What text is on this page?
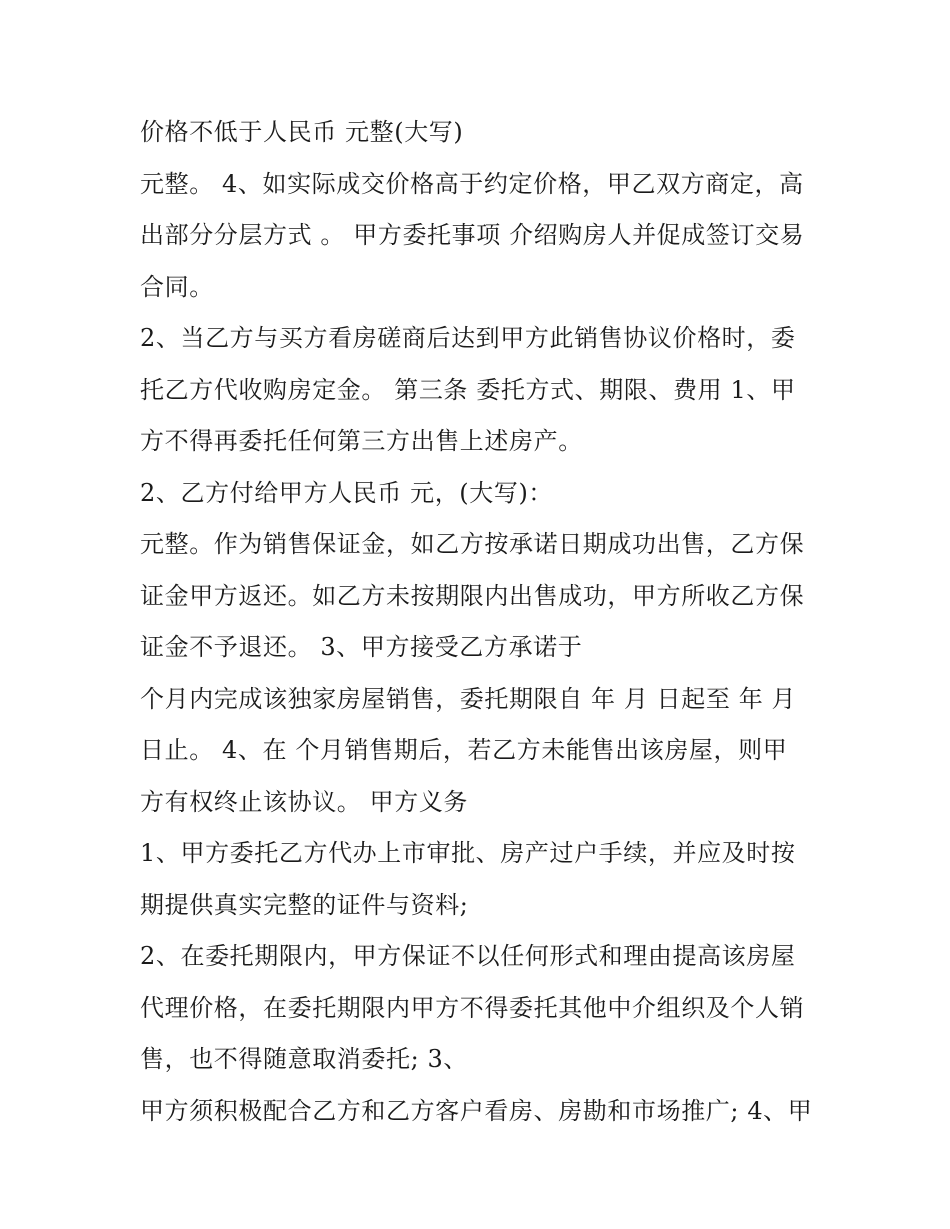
价格不低于人民币 元整(大写)
元整。 4、如实际成交价格高于约定价格，甲乙双方商定，高
出部分分层方式 。 甲方委托事项 介绍购房人并促成签订交易
合同。
2、当乙方与买方看房磋商后达到甲方此销售协议价格时，委
托乙方代收购房定金。 第三条 委托方式、期限、费用 1、甲
方不得再委托任何第三方出售上述房产。
2、乙方付给甲方人民币 元，(大写)：
元整。作为销售保证金，如乙方按承诺日期成功出售，乙方保
证金甲方返还。如乙方未按期限内出售成功，甲方所收乙方保
证金不予退还。 3、甲方接受乙方承诺于
个月内完成该独家房屋销售，委托期限自 年 月 日起至 年 月
日止。 4、在 个月销售期后，若乙方未能售出该房屋，则甲
方有权终止该协议。 甲方义务
1、甲方委托乙方代办上市审批、房产过户手续，并应及时按
期提供真实完整的证件与资料;
2、在委托期限内，甲方保证不以任何形式和理由提高该房屋
代理价格，在委托期限内甲方不得委托其他中介组织及个人销
售，也不得随意取消委托; 3、
甲方须积极配合乙方和乙方客户看房、房勘和市场推广; 4、甲
